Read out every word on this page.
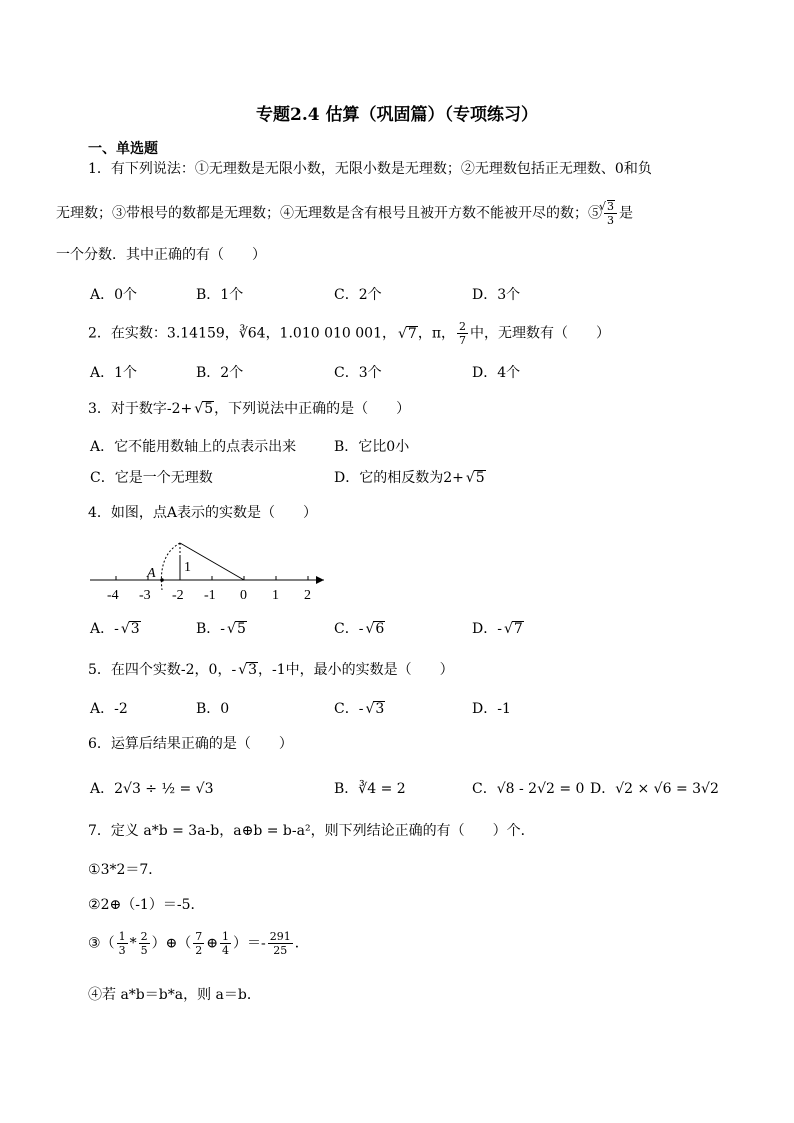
专题2.4 估算（巩固篇）（专项练习）
一、单选题
1．有下列说法：①无理数是无限小数，无限小数是无理数；②无理数包括正无理数、0和负
无理数；③带根号的数都是无理数；④无理数是含有根号且被开方数不能被开尽的数；⑤ √ $\frac{3}{3}$ 是
一个分数．其中正确的有（　　）
A．0个	B．1个	C．2个	D．3个
2．在实数：3.14159，∛64，1.010 010 001， √ 7，π， $\frac{2}{7}$ 中，无理数有（　　）
A．1个	B．2个	C．3个	D．4个
3．对于数字-2+ √ 5，下列说法中正确的是（　　）
A．它不能用数轴上的点表示出来	B．它比0小
C．它是一个无理数	D．它的相反数为2+ √ 5
4．如图，点A表示的实数是（　　）
A 1
-4 -3 -2 -1 0 1 2
A．- √ 3	B．- √ 5	C．- √ 6	D．- √ 7
5．在四个实数-2，0，- √ 3，-1中，最小的实数是（　　）
A．-2	B．0	C．- √ 3	D．-1
6．运算后结果正确的是（　　）
A．2√3 ÷ ½ = √3	B．∛4 = 2	C．√8 - 2√2 = 0 D．√2 × √6 = 3√2
7．定义 a*b = 3a-b，a⊕b = b-a²，则下列结论正确的有（　　）个．
①3*2＝7．
②2⊕（-1）＝-5．
③（ $\frac{1}{3} * \frac{2}{5}$ ）⊕（ $\frac{7}{2}$ ⊕ $\frac{1}{4}$ ）＝- $\frac{291}{25}$ ．
④若 a*b＝b*a，则 a＝b．
